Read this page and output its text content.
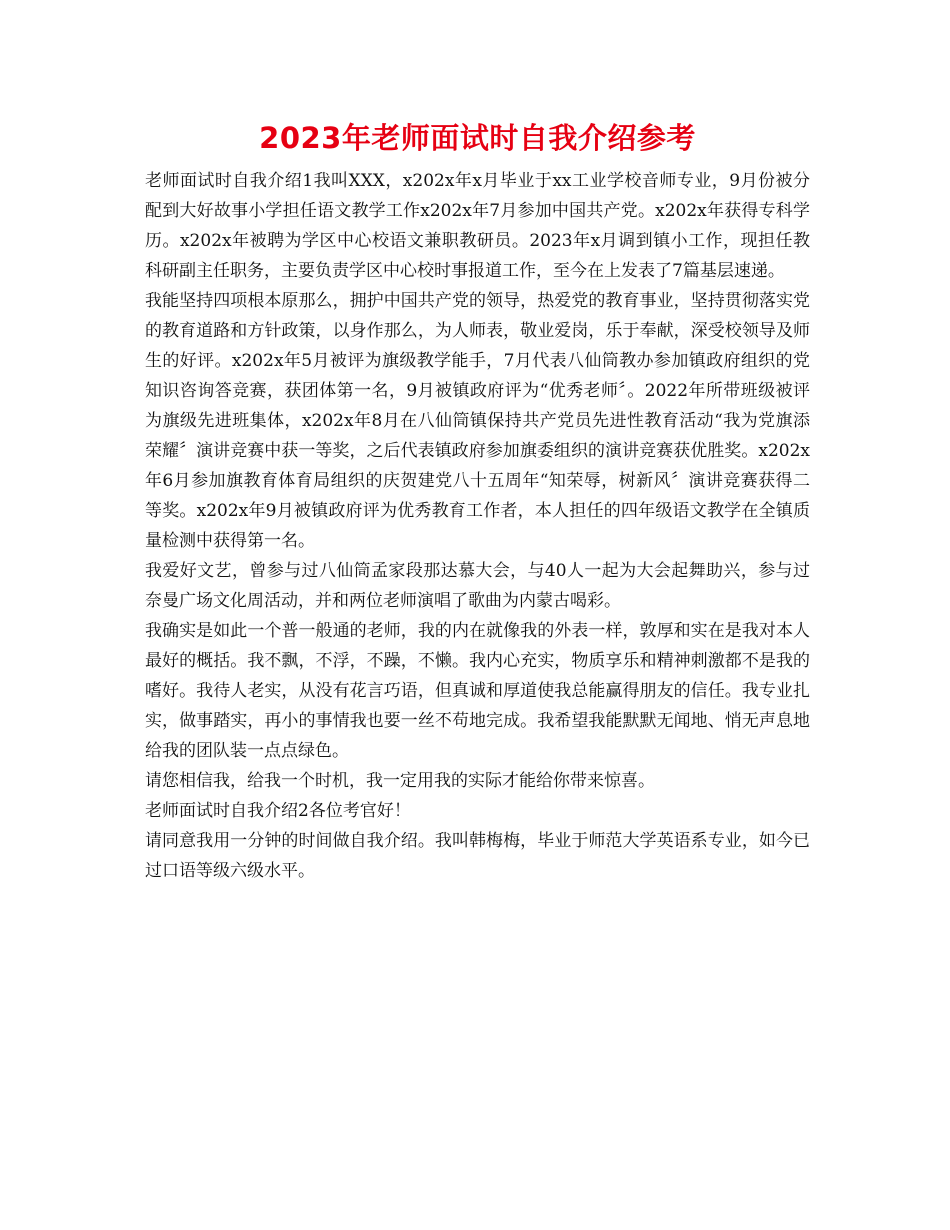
2023年老师面试时自我介绍参考

老师面试时自我介绍1我叫XXX，x202x年x月毕业于xx工业学校音师专业，9月份被分配到大好故事小学担任语文教学工作x202x年7月参加中国共产党。x202x年获得专科学历。x202x年被聘为学区中心校语文兼职教研员。2023年x月调到镇小工作，现担任教科研副主任职务，主要负责学区中心校时事报道工作，至今在上发表了7篇基层速递。

我能坚持四项根本原那么，拥护中国共产党的领导，热爱党的教育事业，坚持贯彻落实党的教育道路和方针政策，以身作那么，为人师表，敬业爱岗，乐于奉献，深受校领导及师生的好评。x202x年5月被评为旗级教学能手，7月代表八仙筒教办参加镇政府组织的党知识咨询答竞赛，获团体第一名，9月被镇政府评为“优秀老师〞。2022年所带班级被评为旗级先进班集体，x202x年8月在八仙筒镇保持共产党员先进性教育活动“我为党旗添荣耀〞演讲竞赛中获一等奖，之后代表镇政府参加旗委组织的演讲竞赛获优胜奖。x202x年6月参加旗教育体育局组织的庆贺建党八十五周年“知荣辱，树新风〞演讲竞赛获得二等奖。x202x年9月被镇政府评为优秀教育工作者，本人担任的四年级语文教学在全镇质量检测中获得第一名。

我爱好文艺，曾参与过八仙筒孟家段那达慕大会，与40人一起为大会起舞助兴，参与过奈曼广场文化周活动，并和两位老师演唱了歌曲为内蒙古喝彩。

我确实是如此一个普一般通的老师，我的内在就像我的外表一样，敦厚和实在是我对本人最好的概括。我不飘，不浮，不躁，不懒。我内心充实，物质享乐和精神刺激都不是我的嗜好。我待人老实，从没有花言巧语，但真诚和厚道使我总能赢得朋友的信任。我专业扎实，做事踏实，再小的事情我也要一丝不苟地完成。我希望我能默默无闻地、悄无声息地给我的团队装一点点绿色。

请您相信我，给我一个时机，我一定用我的实际才能给你带来惊喜。

老师面试时自我介绍2各位考官好！

请同意我用一分钟的时间做自我介绍。我叫韩梅梅，毕业于师范大学英语系专业，如今已过口语等级六级水平。
